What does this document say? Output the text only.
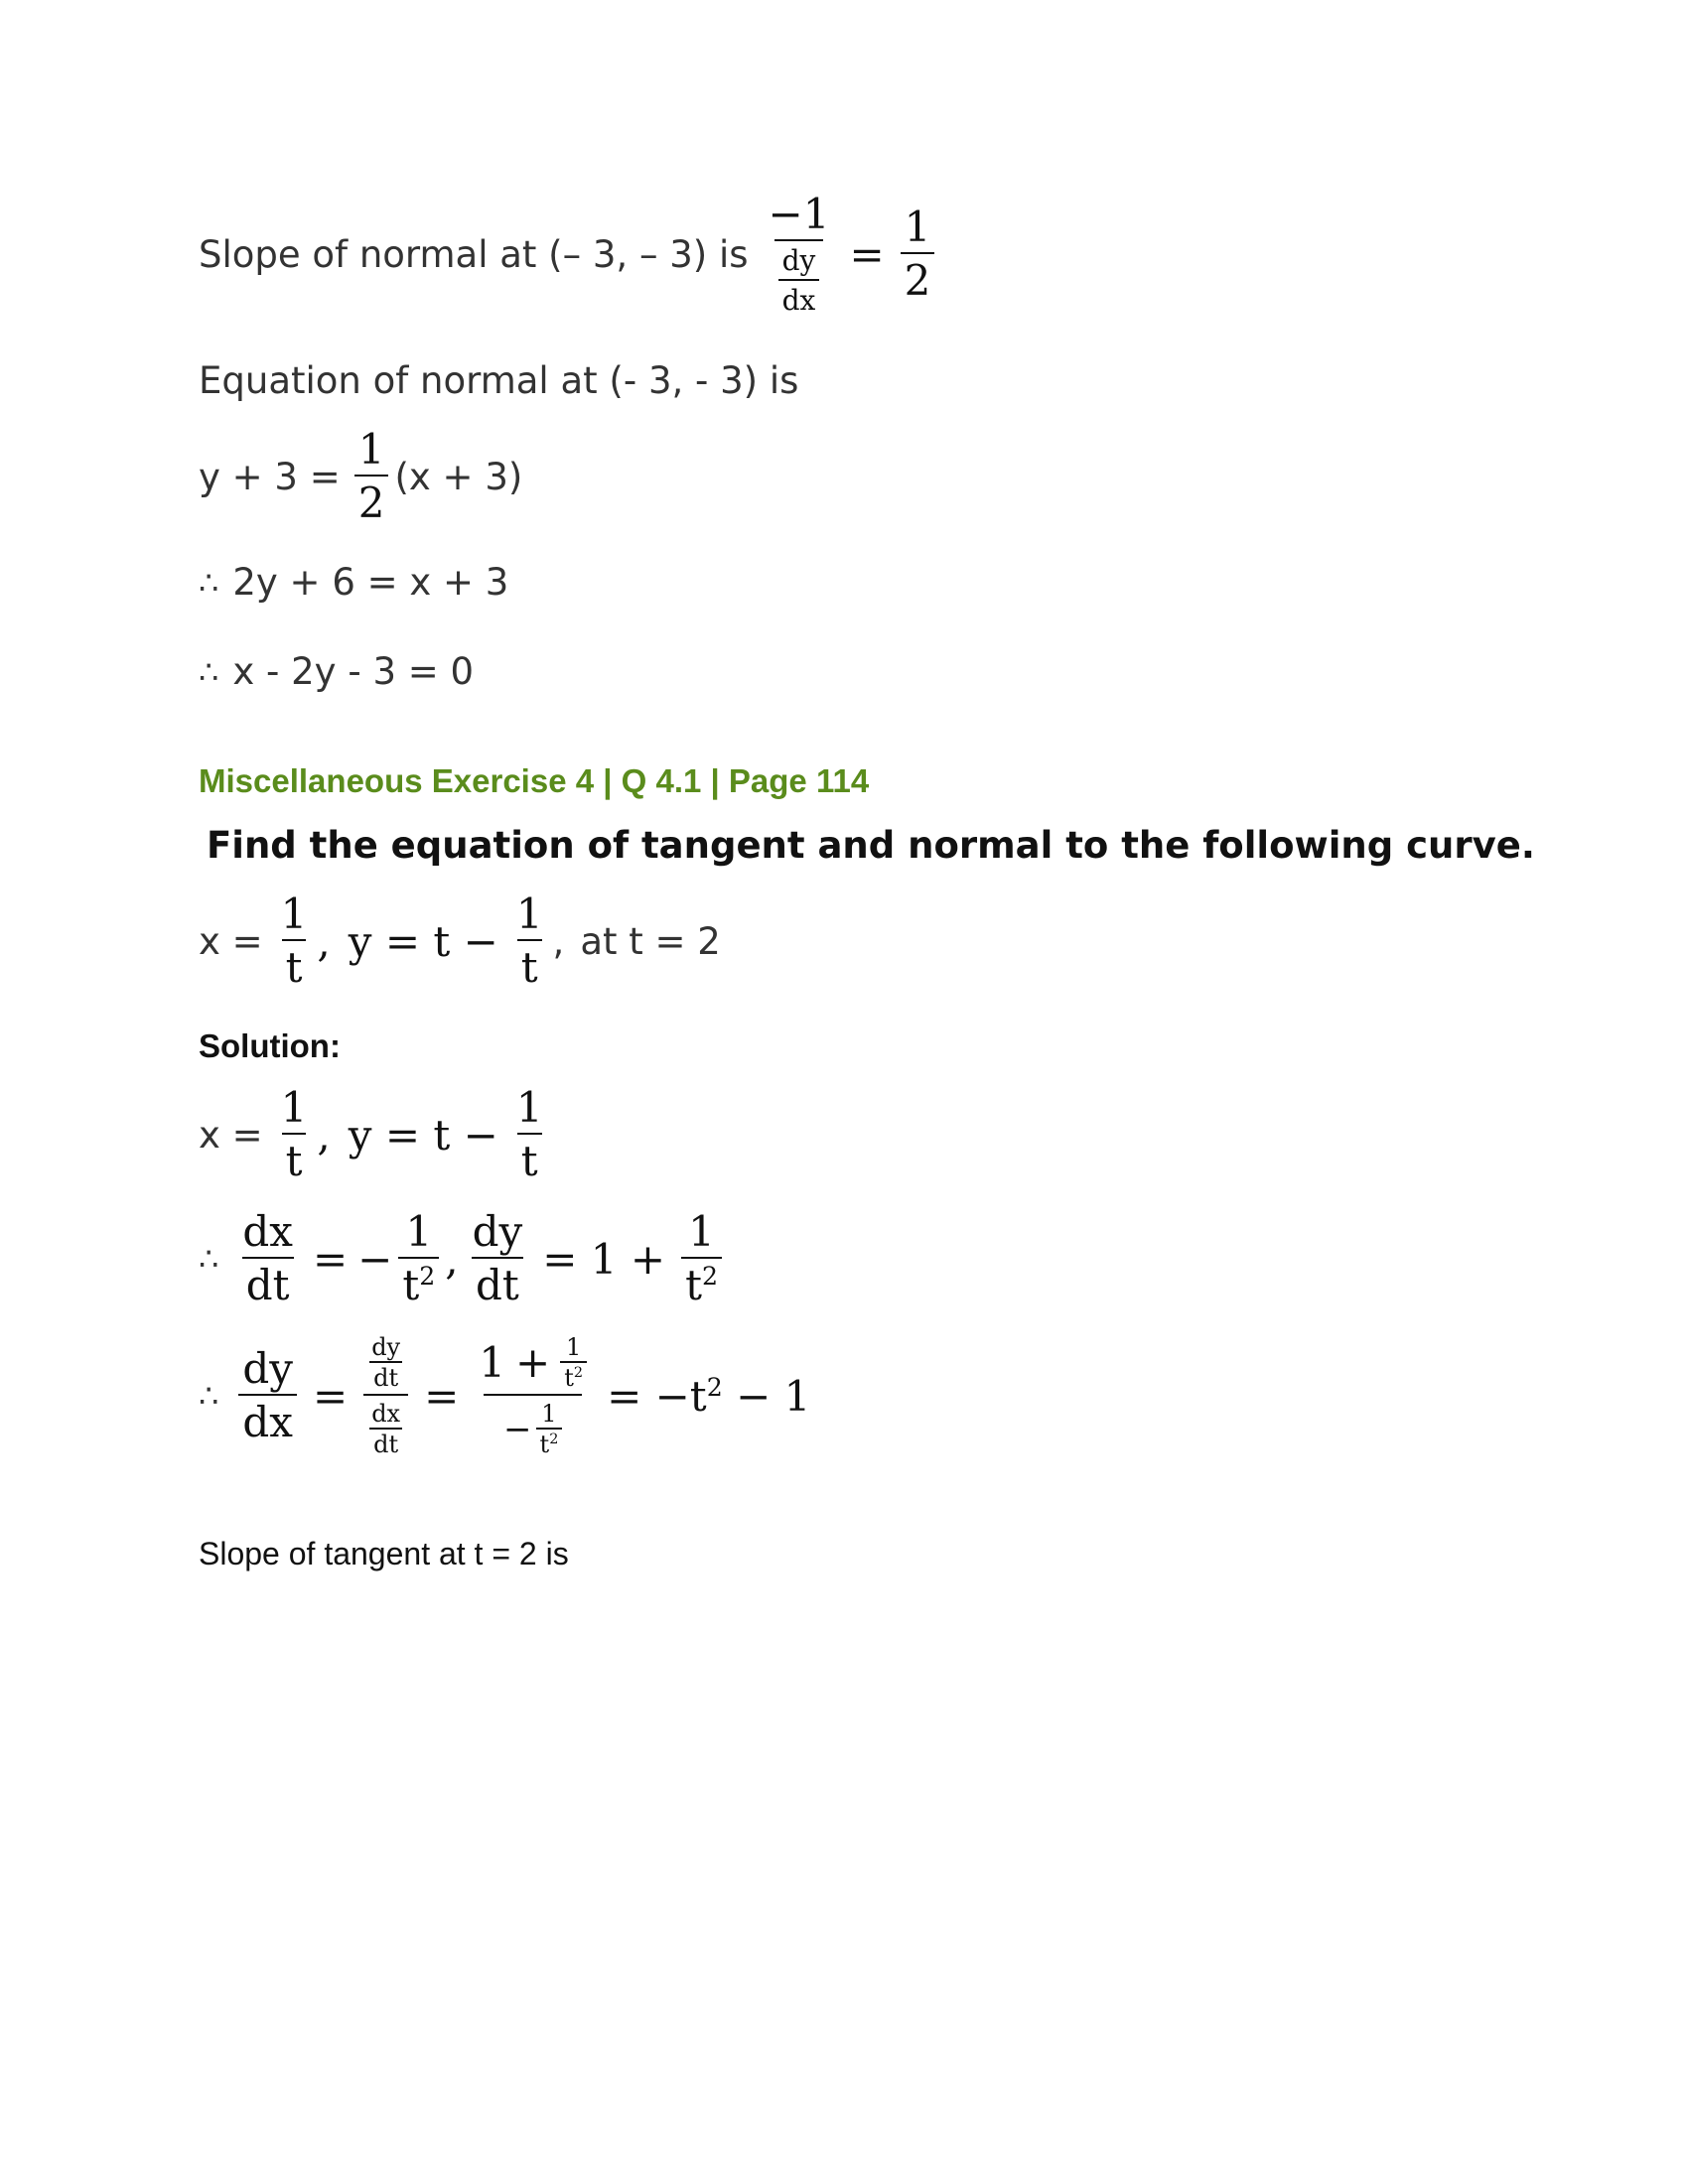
Slope of normal at (– 3, – 3) is $\frac{-1}{\frac{dy}{dx}} = \frac{1}{2}$
Equation of normal at (- 3, - 3) is
$y + 3 = \frac{1}{2} (x + 3)$
∴ 2y + 6 = x + 3
∴ x - 2y - 3 = 0
Miscellaneous Exercise 4 | Q 4.1 | Page 114
Find the equation of tangent and normal to the following curve.
$x = \frac{1}{t}$ , $y = t - \frac{1}{t}$ , at t = 2
Solution:
$x = \frac{1}{t}$ , $y = t - \frac{1}{t}$
∴ $\frac{dx}{dt}$ = − $\frac{1}{t^2}$ , $\frac{dy}{dt} = 1 + \frac{1}{t^2}$
∴ $\frac{dy}{dx} = \frac{\frac{dy}{dt}}{\frac{dx}{dt}} = \frac{1 + \frac{1}{t^2}}{- \frac{1}{t^2}} = -t^2 - 1$
Slope of tangent at t = 2 is
